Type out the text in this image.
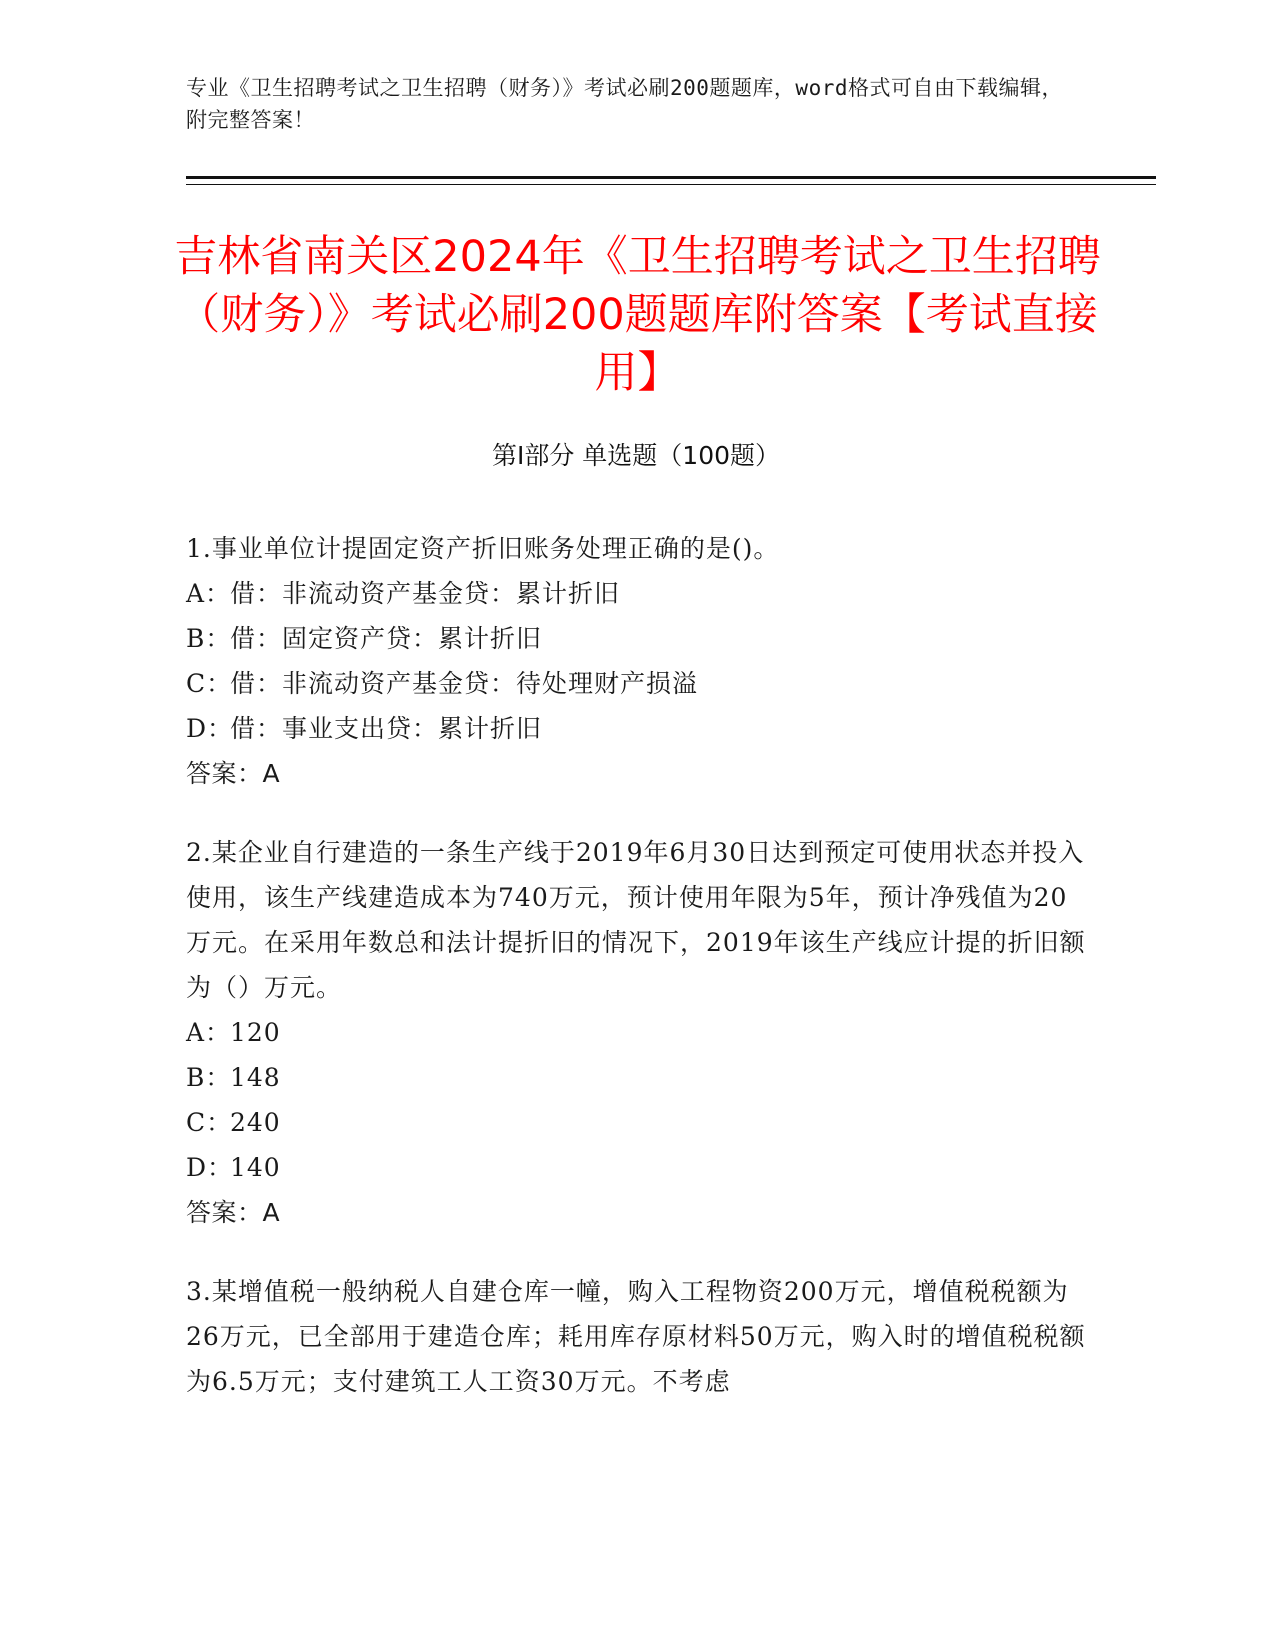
专业《卫生招聘考试之卫生招聘（财务）》考试必刷200题题库，word格式可自由下载编辑，附完整答案！
吉林省南关区2024年《卫生招聘考试之卫生招聘（财务）》考试必刷200题题库附答案【考试直接用】
第I部分 单选题（100题）

1.事业单位计提固定资产折旧账务处理正确的是()。

A：借：非流动资产基金贷：累计折旧

B：借：固定资产贷：累计折旧

C：借：非流动资产基金贷：待处理财产损溢

D：借：事业支出贷：累计折旧

答案：A

2.某企业自行建造的一条生产线于2019年6月30日达到预定可使用状态并投入使用，该生产线建造成本为740万元，预计使用年限为5年，预计净残值为20万元。在采用年数总和法计提折旧的情况下，2019年该生产线应计提的折旧额为（）万元。

A：120

B：148

C：240

D：140

答案：A

3.某增值税一般纳税人自建仓库一幢，购入工程物资200万元，增值税税额为26万元，已全部用于建造仓库；耗用库存原材料50万元，购入时的增值税税额为6.5万元；支付建筑工人工资30万元。不考虑
